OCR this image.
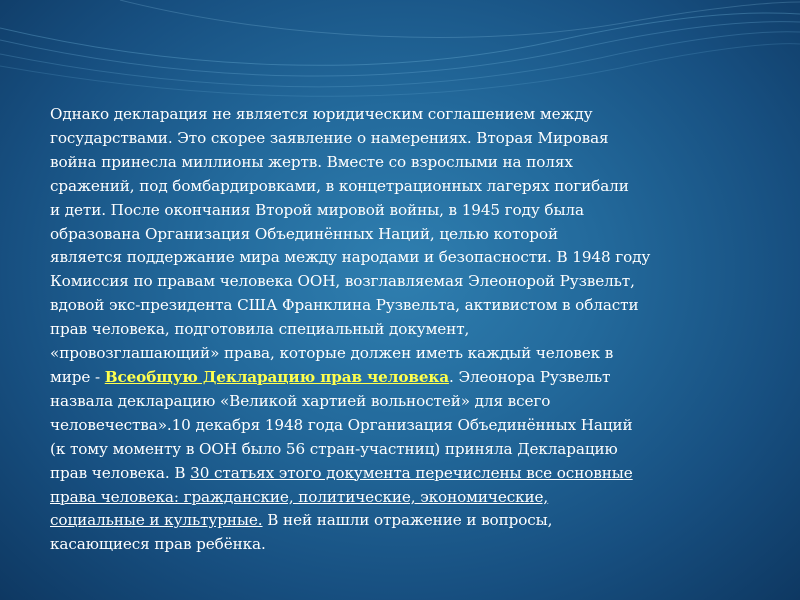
Однако декларация не является юридическим соглашением между
государствами. Это скорее заявление о намерениях. Вторая Мировая
война принесла миллионы жертв. Вместе со взрослыми на полях
сражений, под бомбардировками, в концетрационных лагерях погибали
и дети. После окончания Второй мировой войны, в 1945 году была
образована Организация Объединённых Наций, целью которой
является поддержание мира между народами и безопасности. В 1948 году
Комиссия по правам человека ООН, возглавляемая Элеонорой Рузвельт,
вдовой экс-президента США Франклина Рузвельта, активистом в области
прав человека, подготовила специальный документ,
«провозглашающий» права, которые должен иметь каждый человек в
мире - Всеобщую Декларацию прав человека. Элеонора Рузвельт
назвала декларацию «Великой хартией вольностей» для всего
человечества».10 декабря 1948 года Организация Объединённых Наций
(к тому моменту в ООН было 56 стран-участниц) приняла Декларацию
прав человека. В 30 статьях этого документа перечислены все основные
права человека: гражданские, политические, экономические,
социальные и культурные. В ней нашли отражение и вопросы,
касающиеся прав ребёнка.
